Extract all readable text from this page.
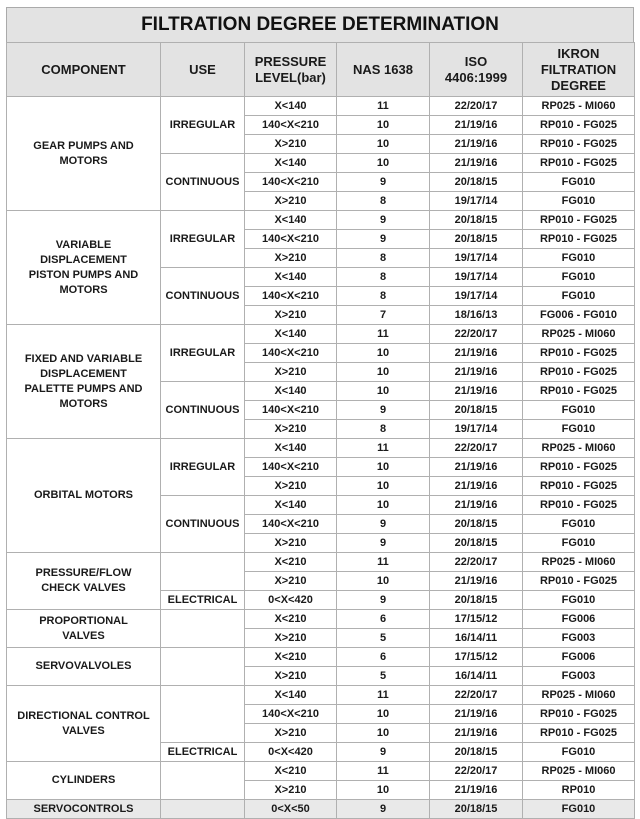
FILTRATION DEGREE DETERMINATION
COMPONENT	USE	PRESSURE LEVEL(bar)	NAS 1638	ISO 4406:1999	IKRON FILTRATION DEGREE
GEAR PUMPS AND
MOTORS	IRREGULAR	X<140	11	22/20/17	RP025 - MI060
		140<X<210	10	21/19/16	RP010 - FG025
		X>210	10	21/19/16	RP010 - FG025
	CONTINUOUS	X<140	10	21/19/16	RP010 - FG025
		140<X<210	9	20/18/15	FG010
		X>210	8	19/17/14	FG010
VARIABLE DISPLACEMENT
PISTON PUMPS AND
MOTORS	IRREGULAR	X<140	9	20/18/15	RP010 - FG025
		140<X<210	9	20/18/15	RP010 - FG025
		X>210	8	19/17/14	FG010
	CONTINUOUS	X<140	8	19/17/14	FG010
		140<X<210	8	19/17/14	FG010
		X>210	7	18/16/13	FG006 - FG010
FIXED AND VARIABLE
DISPLACEMENT
PALETTE PUMPS AND
MOTORS	IRREGULAR	X<140	11	22/20/17	RP025 - MI060
		140<X<210	10	21/19/16	RP010 - FG025
		X>210	10	21/19/16	RP010 - FG025
	CONTINUOUS	X<140	10	21/19/16	RP010 - FG025
		140<X<210	9	20/18/15	FG010
		X>210	8	19/17/14	FG010
ORBITAL MOTORS	IRREGULAR	X<140	11	22/20/17	RP025 - MI060
		140<X<210	10	21/19/16	RP010 - FG025
		X>210	10	21/19/16	RP010 - FG025
	CONTINUOUS	X<140	10	21/19/16	RP010 - FG025
		140<X<210	9	20/18/15	FG010
		X>210	9	20/18/15	FG010
PRESSURE/FLOW
CHECK VALVES		X<210	11	22/20/17	RP025 - MI060
		X>210	10	21/19/16	RP010 - FG025
	ELECTRICAL	0<X<420	9	20/18/15	FG010
PROPORTIONAL
VALVES		X<210	6	17/15/12	FG006
		X>210	5	16/14/11	FG003
SERVOVALVOLES		X<210	6	17/15/12	FG006
		X>210	5	16/14/11	FG003
DIRECTIONAL CONTROL
VALVES		X<140	11	22/20/17	RP025 - MI060
		140<X<210	10	21/19/16	RP010 - FG025
		X>210	10	21/19/16	RP010 - FG025
	ELECTRICAL	0<X<420	9	20/18/15	FG010
CYLINDERS		X<210	11	22/20/17	RP025 - MI060
		X>210	10	21/19/16	RP010
SERVOCONTROLS		0<X<50	9	20/18/15	FG010
